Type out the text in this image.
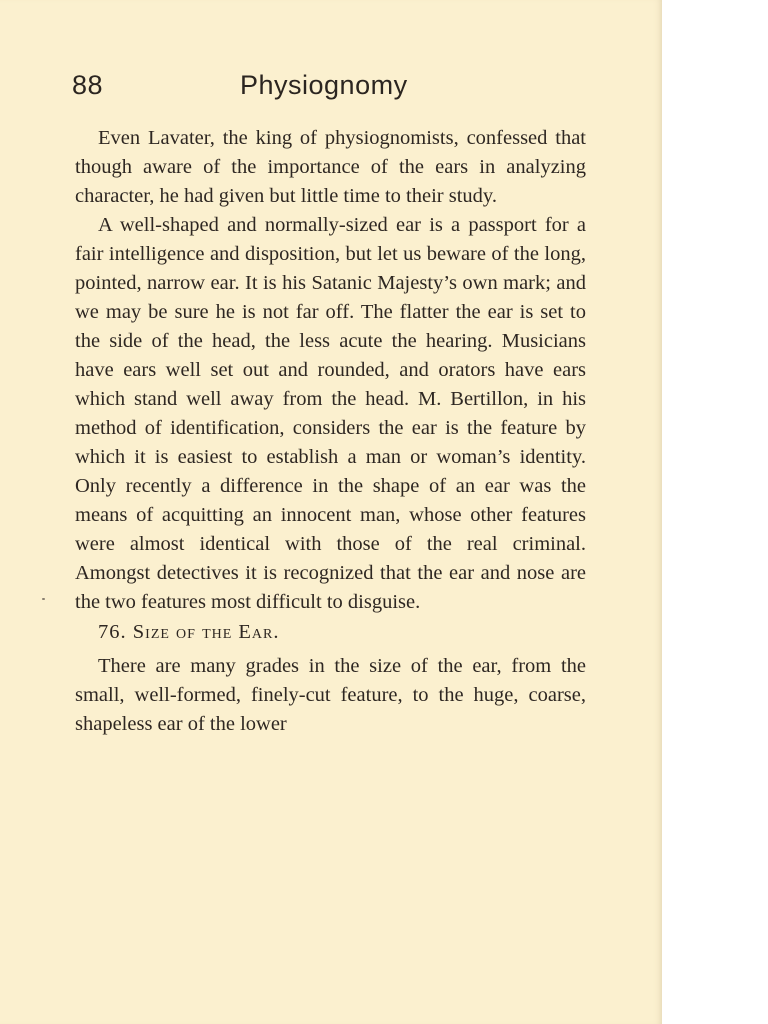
88	Physiognomy

Even Lavater, the king of physiognomists, confessed that though aware of the importance of the ears in analyzing character, he had given but little time to their study.

A well-shaped and normally-sized ear is a passport for a fair intelligence and disposition, but let us beware of the long, pointed, narrow ear. It is his Satanic Majesty’s own mark; and we may be sure he is not far off. The flatter the ear is set to the side of the head, the less acute the hearing. Musicians have ears well set out and rounded, and orators have ears which stand well away from the head. M. Bertillon, in his method of identification, considers the ear is the feature by which it is easiest to establish a man or woman’s identity. Only recently a difference in the shape of an ear was the means of acquitting an innocent man, whose other features were almost identical with those of the real criminal. Amongst detectives it is recognized that the ear and nose are the two features most difficult to disguise.

76. Size of the Ear.

There are many grades in the size of the ear, from the small, well-formed, finely-cut feature, to the huge, coarse, shapeless ear of the lower
